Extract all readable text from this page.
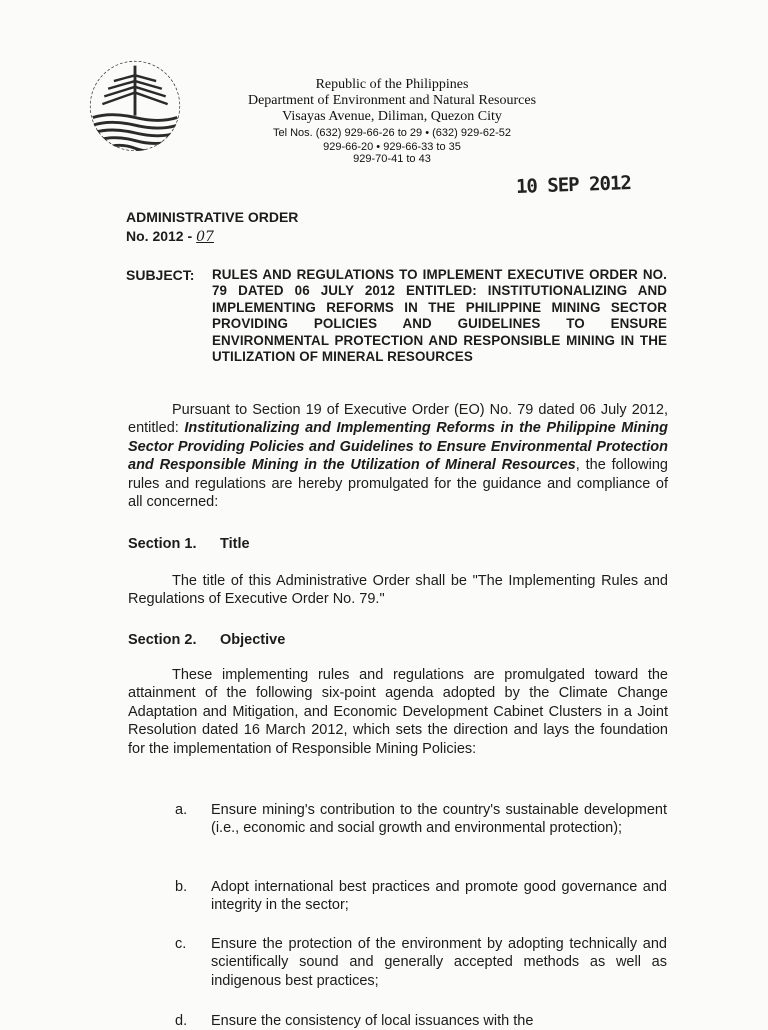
Republic of the Philippines
Department of Environment and Natural Resources
Visayas Avenue, Diliman, Quezon City
Tel Nos. (632) 929-66-26 to 29 • (632) 929-62-52
929-66-20 • 929-66-33 to 35
929-70-41 to 43
10 SEP 2012
ADMINISTRATIVE ORDER
No. 2012 - 07
SUBJECT: RULES AND REGULATIONS TO IMPLEMENT EXECUTIVE ORDER NO. 79 DATED 06 JULY 2012 ENTITLED: INSTITUTIONALIZING AND IMPLEMENTING REFORMS IN THE PHILIPPINE MINING SECTOR PROVIDING POLICIES AND GUIDELINES TO ENSURE ENVIRONMENTAL PROTECTION AND RESPONSIBLE MINING IN THE UTILIZATION OF MINERAL RESOURCES
Pursuant to Section 19 of Executive Order (EO) No. 79 dated 06 July 2012, entitled: Institutionalizing and Implementing Reforms in the Philippine Mining Sector Providing Policies and Guidelines to Ensure Environmental Protection and Responsible Mining in the Utilization of Mineral Resources, the following rules and regulations are hereby promulgated for the guidance and compliance of all concerned:
Section 1. Title
The title of this Administrative Order shall be "The Implementing Rules and Regulations of Executive Order No. 79."
Section 2. Objective
These implementing rules and regulations are promulgated toward the attainment of the following six-point agenda adopted by the Climate Change Adaptation and Mitigation, and Economic Development Cabinet Clusters in a Joint Resolution dated 16 March 2012, which sets the direction and lays the foundation for the implementation of Responsible Mining Policies:
a. Ensure mining's contribution to the country's sustainable development (i.e., economic and social growth and environmental protection);
b. Adopt international best practices and promote good governance and integrity in the sector;
c. Ensure the protection of the environment by adopting technically and scientifically sound and generally accepted methods as well as indigenous best practices;
d. Ensure the consistency of local issuances with the
